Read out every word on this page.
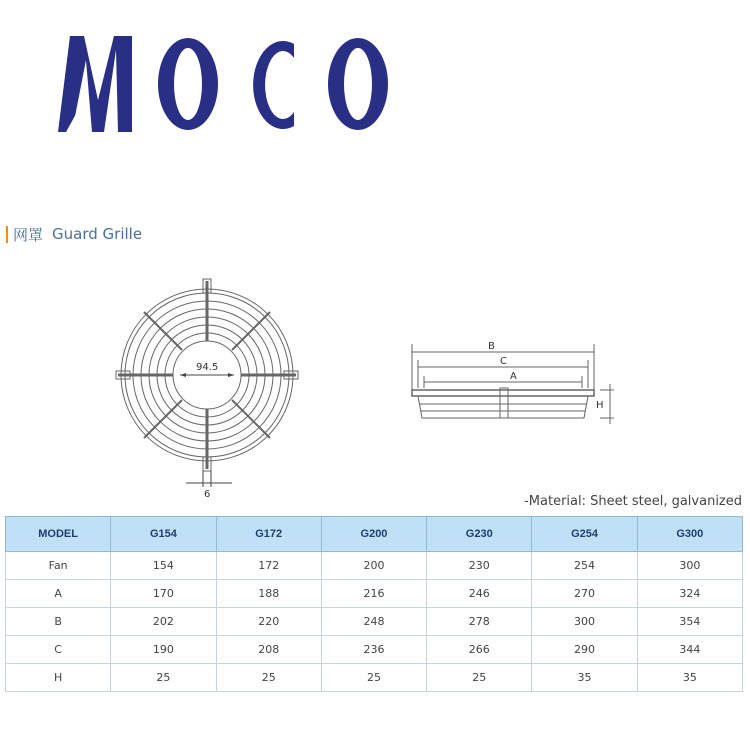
网罩 Guard Grille
94.5
6
B
C
A
H
-Material: Sheet steel, galvanized
MODEL	G154	G172	G200	G230	G254	G300
Fan	154	172	200	230	254	300
A	170	188	216	246	270	324
B	202	220	248	278	300	354
C	190	208	236	266	290	344
H	25	25	25	25	35	35
